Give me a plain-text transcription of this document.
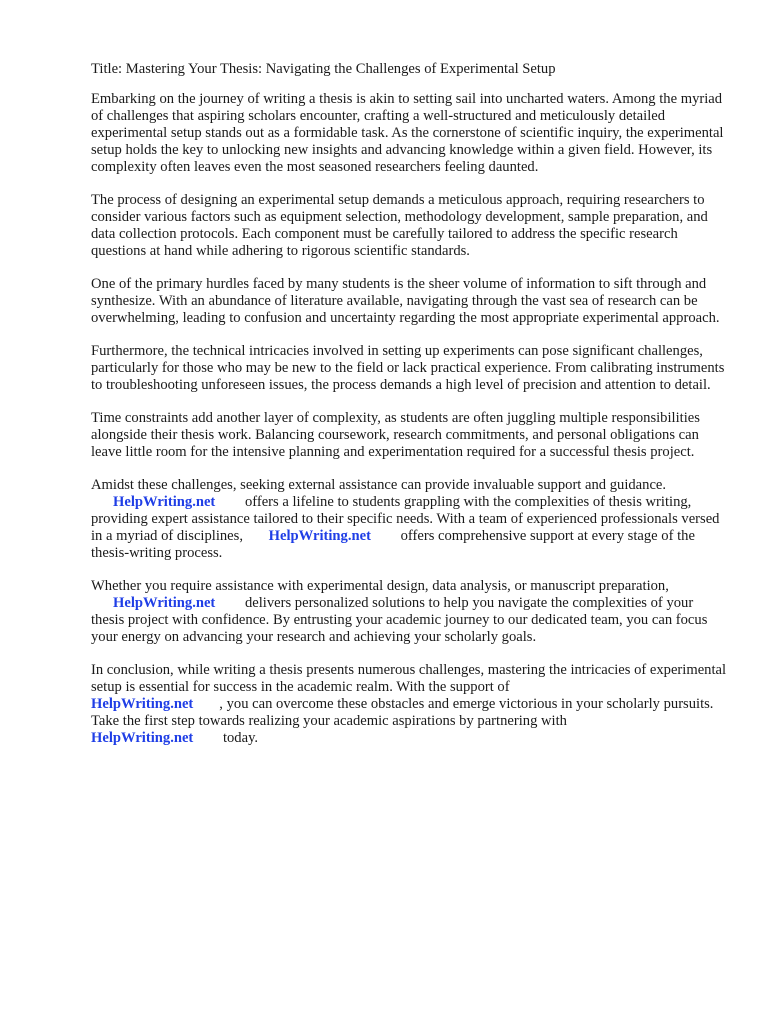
Title: Mastering Your Thesis: Navigating the Challenges of Experimental Setup

Embarking on the journey of writing a thesis is akin to setting sail into uncharted waters. Among the myriad of challenges that aspiring scholars encounter, crafting a well-structured and meticulously detailed experimental setup stands out as a formidable task. As the cornerstone of scientific inquiry, the experimental setup holds the key to unlocking new insights and advancing knowledge within a given field. However, its complexity often leaves even the most seasoned researchers feeling daunted.

The process of designing an experimental setup demands a meticulous approach, requiring researchers to consider various factors such as equipment selection, methodology development, sample preparation, and data collection protocols. Each component must be carefully tailored to address the specific research questions at hand while adhering to rigorous scientific standards.

One of the primary hurdles faced by many students is the sheer volume of information to sift through and synthesize. With an abundance of literature available, navigating through the vast sea of research can be overwhelming, leading to confusion and uncertainty regarding the most appropriate experimental approach.

Furthermore, the technical intricacies involved in setting up experiments can pose significant challenges, particularly for those who may be new to the field or lack practical experience. From calibrating instruments to troubleshooting unforeseen issues, the process demands a high level of precision and attention to detail.

Time constraints add another layer of complexity, as students are often juggling multiple responsibilities alongside their thesis work. Balancing coursework, research commitments, and personal obligations can leave little room for the intensive planning and experimentation required for a successful thesis project.

Amidst these challenges, seeking external assistance can provide invaluable support and guidance.
HelpWriting.net offers a lifeline to students grappling with the complexities of thesis writing, providing expert assistance tailored to their specific needs. With a team of experienced professionals versed in a myriad of disciplines, HelpWriting.net offers comprehensive support at every stage of the thesis-writing process.

Whether you require assistance with experimental design, data analysis, or manuscript preparation,
HelpWriting.net delivers personalized solutions to help you navigate the complexities of your thesis project with confidence. By entrusting your academic journey to our dedicated team, you can focus your energy on advancing your research and achieving your scholarly goals.

In conclusion, while writing a thesis presents numerous challenges, mastering the intricacies of experimental setup is essential for success in the academic realm. With the support of
HelpWriting.net , you can overcome these obstacles and emerge victorious in your scholarly pursuits. Take the first step towards realizing your academic aspirations by partnering with
HelpWriting.net today.
